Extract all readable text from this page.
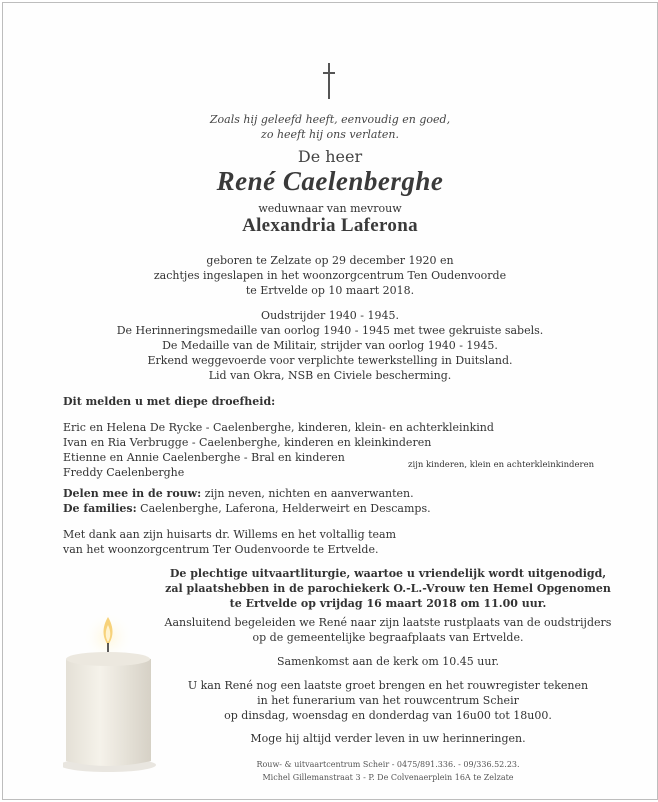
Zoals hij geleefd heeft, eenvoudig en goed,
zo heeft hij ons verlaten.
De heer
René Caelenberghe
weduwnaar van mevrouw
Alexandria Laferona
geboren te Zelzate op 29 december 1920 en
zachtjes ingeslapen in het woonzorgcentrum Ten Oudenvoorde
te Ertvelde op 10 maart 2018.
Oudstrijder 1940 - 1945.
De Herinneringsmedaille van oorlog 1940 - 1945 met twee gekruiste sabels.
De Medaille van de Militair, strijder van oorlog 1940 - 1945.
Erkend weggevoerde voor verplichte tewerkstelling in Duitsland.
Lid van Okra, NSB en Civiele bescherming.
Dit melden u met diepe droefheid:
Eric en Helena De Rycke - Caelenberghe, kinderen, klein- en achterkleinkind
Ivan en Ria Verbrugge - Caelenberghe, kinderen en kleinkinderen
Etienne en Annie Caelenberghe - Bral en kinderen
Freddy Caelenberghe
zijn kinderen, klein en achterkleinkinderen
Delen mee in de rouw: zijn neven, nichten en aanverwanten.
De families: Caelenberghe, Laferona, Helderweirt en Descamps.
Met dank aan zijn huisarts dr. Willems en het voltallig team
van het woonzorgcentrum Ter Oudenvoorde te Ertvelde.
De plechtige uitvaartliturgie, waartoe u vriendelijk wordt uitgenodigd,
zal plaatshebben in de parochiekerk O.-L.-Vrouw ten Hemel Opgenomen
te Ertvelde op vrijdag 16 maart 2018 om 11.00 uur.
Aansluitend begeleiden we René naar zijn laatste rustplaats van de oudstrijders
op de gemeentelijke begraafplaats van Ertvelde.
Samenkomst aan de kerk om 10.45 uur.
U kan René nog een laatste groet brengen en het rouwregister tekenen
in het funerarium van het rouwcentrum Scheir
op dinsdag, woensdag en donderdag van 16u00 tot 18u00.
Moge hij altijd verder leven in uw herinneringen.
Rouw- & uitvaartcentrum Scheir - 0475/891.336. - 09/336.52.23.
Michel Gillemanstraat 3 - P. De Colvenaerplein 16A te Zelzate
